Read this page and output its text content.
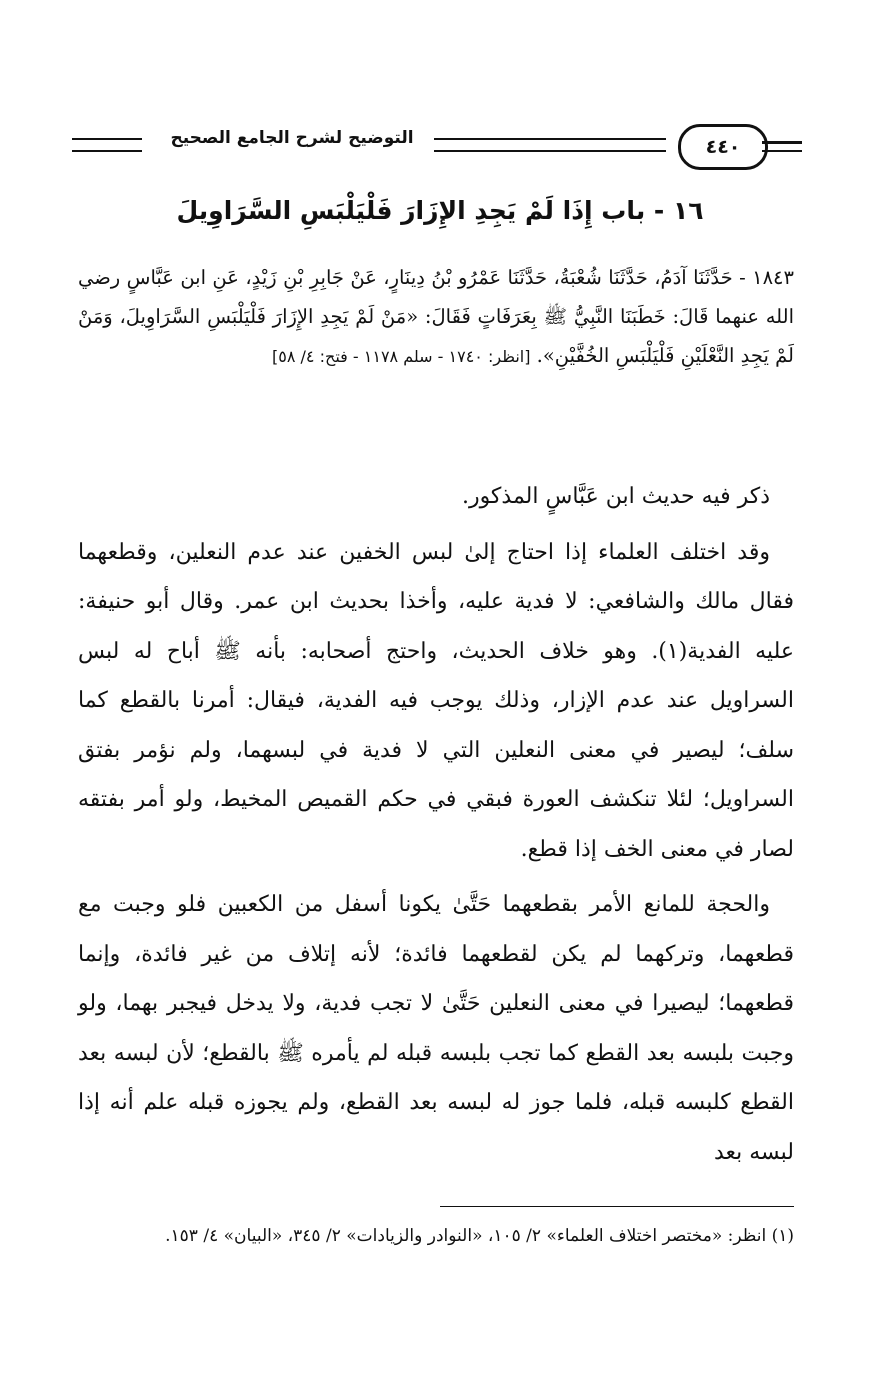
التوضيح لشرح الجامع الصحيح	٤٤٠
١٦ - باب إِذَا لَمْ يَجِدِ الإِزَارَ فَلْيَلْبَسِ السَّرَاوِيلَ
١٨٤٣ - حَدَّثَنَا آدَمُ، حَدَّثَنَا شُعْبَةُ، حَدَّثَنَا عَمْرُو بْنُ دِينَارٍ، عَنْ جَابِرِ بْنِ زَيْدٍ، عَنِ ابن عَبَّاسٍ رضي الله عنهما قَالَ: خَطَبَنَا النَّبِيُّ ﷺ بِعَرَفَاتٍ فَقَالَ: «مَنْ لَمْ يَجِدِ الإِزَارَ فَلْيَلْبَسِ السَّرَاوِيلَ، وَمَنْ لَمْ يَجِدِ النَّعْلَيْنِ فَلْيَلْبَسِ الخُفَّيْنِ». [انظر: ١٧٤٠ - سلم ١١٧٨ - فتح: ٤/ ٥٨]

ذكر فيه حديث ابن عَبَّاسٍ المذكور.

وقد اختلف العلماء إذا احتاج إلىٰ لبس الخفين عند عدم النعلين، وقطعهما فقال مالك والشافعي: لا فدية عليه، وأخذا بحديث ابن عمر. وقال أبو حنيفة: عليه الفدية(١). وهو خلاف الحديث، واحتج أصحابه: بأنه ﷺ أباح له لبس السراويل عند عدم الإزار، وذلك يوجب فيه الفدية، فيقال: أمرنا بالقطع كما سلف؛ ليصير في معنى النعلين التي لا فدية في لبسهما، ولم نؤمر بفتق السراويل؛ لئلا تنكشف العورة فبقي في حكم القميص المخيط، ولو أمر بفتقه لصار في معنى الخف إذا قطع.

والحجة للمانع الأمر بقطعهما حَتَّىٰ يكونا أسفل من الكعبين فلو وجبت مع قطعهما، وتركهما لم يكن لقطعهما فائدة؛ لأنه إتلاف من غير فائدة، وإنما قطعهما؛ ليصيرا في معنى النعلين حَتَّىٰ لا تجب فدية، ولا يدخل فيجبر بهما، ولو وجبت بلبسه بعد القطع كما تجب بلبسه قبله لم يأمره ﷺ بالقطع؛ لأن لبسه بعد القطع كلبسه قبله، فلما جوز له لبسه بعد القطع، ولم يجوزه قبله علم أنه إذا لبسه بعد

(١) انظر: «مختصر اختلاف العلماء» ٢/ ١٠٥، «النوادر والزيادات» ٢/ ٣٤٥، «البيان» ٤/ ١٥٣.
